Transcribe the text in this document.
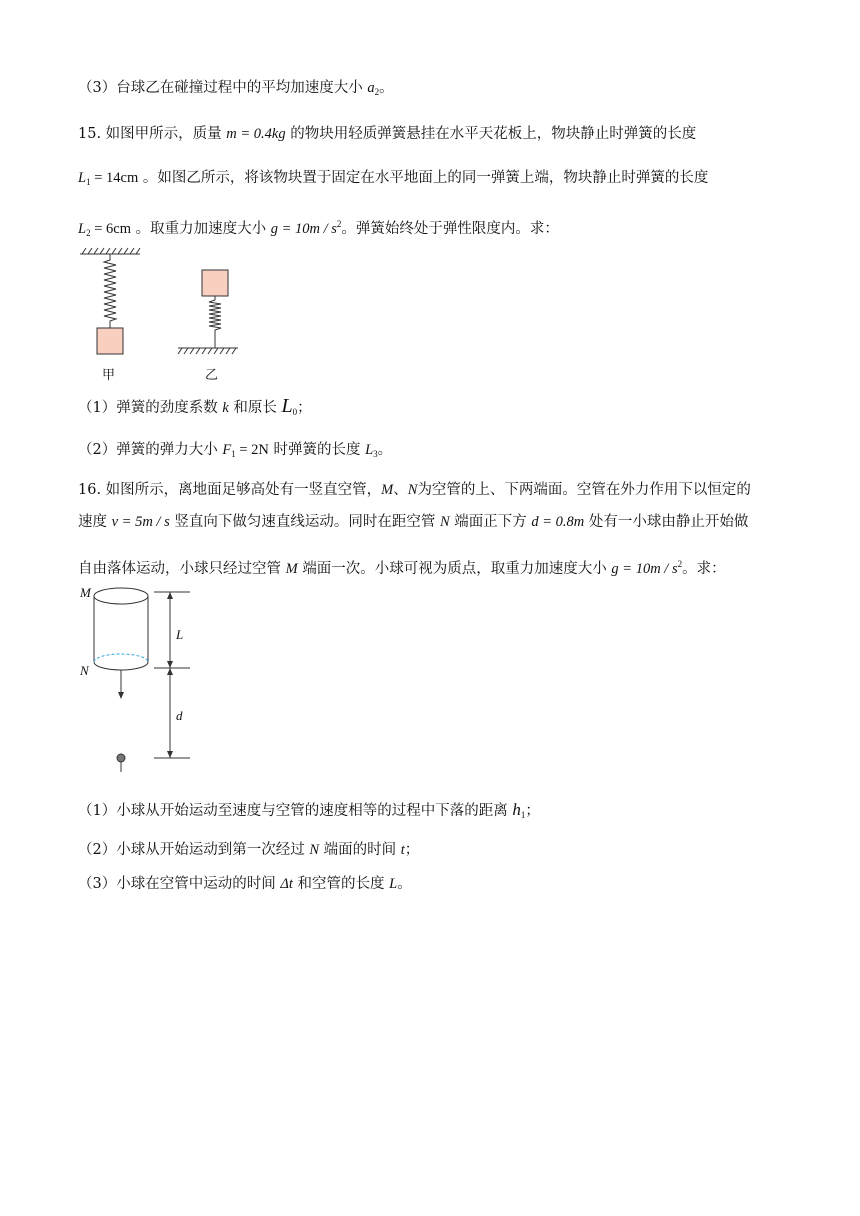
（3）台球乙在碰撞过程中的平均加速度大小 $a_2$。
15. 如图甲所示，质量 m = 0.4kg 的物块用轻质弹簧悬挂在水平天花板上，物块静止时弹簧的长度
$L_1 = 14cm$ 。如图乙所示，将该物块置于固定在水平地面上的同一弹簧上端，物块静止时弹簧的长度
$L_2 = 6cm$ 。取重力加速度大小 $g = 10m / s^2$。弹簧始终处于弹性限度内。求：
甲	乙
（1）弹簧的劲度系数 k 和原长 $L_0$；
（2）弹簧的弹力大小 $F_1 = 2N$ 时弹簧的长度 $L_3$。
16. 如图所示，离地面足够高处有一竖直空管，M、N为空管的上、下两端面。空管在外力作用下以恒定的
速度 v = 5m / s 竖直向下做匀速直线运动。同时在距空管 N 端面正下方 d = 0.8m 处有一小球由静止开始做
自由落体运动，小球只经过空管 M 端面一次。小球可视为质点，取重力加速度大小 $g = 10m / s^2$。求：
M
N
L
d
（1）小球从开始运动至速度与空管的速度相等的过程中下落的距离 $h_1$；
（2）小球从开始运动到第一次经过 N 端面的时间 t；
（3）小球在空管中运动的时间 Δt 和空管的长度 L。
